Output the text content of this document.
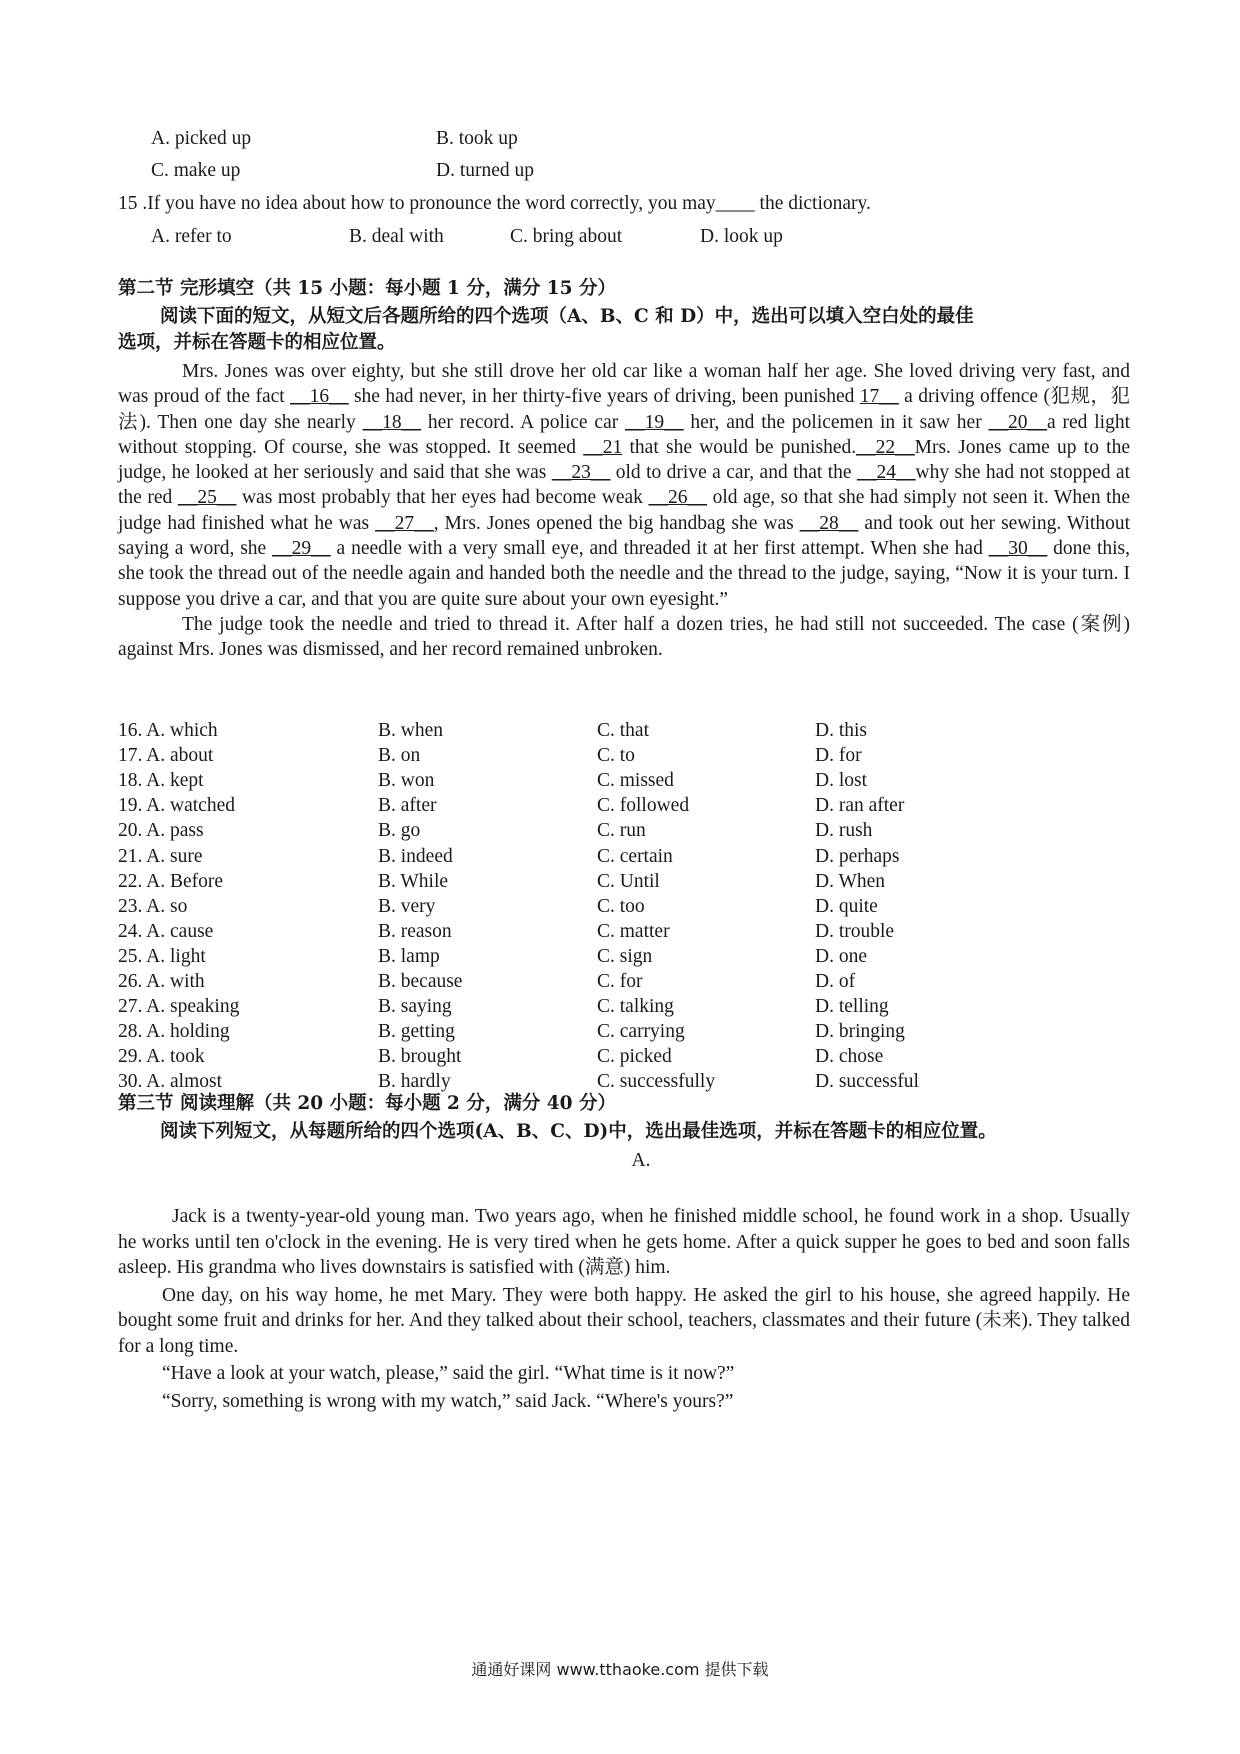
A. picked up	B. took up
C. make up	D. turned up
15 .If you have no idea about how to pronounce the word correctly, you may____ the dictionary.
A. refer to	B. deal with	C. bring about	D. look up
第二节 完形填空（共 15 小题：每小题 1 分，满分 15 分）
阅读下面的短文，从短文后各题所给的四个选项（A、B、C 和 D）中，选出可以填入空白处的最佳
选项，并标在答题卡的相应位置。

Mrs. Jones was over eighty, but she still drove her old car like a woman half her age. She loved driving very fast, and was proud of the fact __16__ she had never, in her thirty-five years of driving, been punished 17__ a driving offence (犯规，犯法). Then one day she nearly __18__ her record. A police car __19__ her, and the policemen in it saw her __20__a red light without stopping. Of course, she was stopped. It seemed __21 that she would be punished.__22__Mrs. Jones came up to the judge, he looked at her seriously and said that she was __23__ old to drive a car, and that the __24__why she had not stopped at the red __25__ was most probably that her eyes had become weak __26__ old age, so that she had simply not seen it. When the judge had finished what he was __27__, Mrs. Jones opened the big handbag she was __28__ and took out her sewing. Without saying a word, she __29__ a needle with a very small eye, and threaded it at her first attempt. When she had __30__ done this, she took the thread out of the needle again and handed both the needle and the thread to the judge, saying, “Now it is your turn. I suppose you drive a car, and that you are quite sure about your own eyesight.”

The judge took the needle and tried to thread it. After half a dozen tries, he had still not succeeded. The case (案例) against Mrs. Jones was dismissed, and her record remained unbroken.

16. A. which	B. when	C. that	D. this
17. A. about	B. on	C. to	D. for
18. A. kept	B. won	C. missed	D. lost
19. A. watched	B. after	C. followed	D. ran after
20. A. pass	B. go	C. run	D. rush
21. A. sure	B. indeed	C. certain	D. perhaps
22. A. Before	B. While	C. Until	D. When
23. A. so	B. very	C. too	D. quite
24. A. cause	B. reason	C. matter	D. trouble
25. A. light	B. lamp	C. sign	D. one
26. A. with	B. because	C. for	D. of
27. A. speaking	B. saying	C. talking	D. telling
28. A. holding	B. getting	C. carrying	D. bringing
29. A. took	B. brought	C. picked	D. chose
30. A. almost	B. hardly	C. successfully	D. successful
第三节 阅读理解（共 20 小题：每小题 2 分，满分 40 分）
阅读下列短文，从每题所给的四个选项(A、B、C、D)中，选出最佳选项，并标在答题卡的相应位置。
A.

Jack is a twenty-year-old young man. Two years ago, when he finished middle school, he found work in a shop. Usually he works until ten o'clock in the evening. He is very tired when he gets home. After a quick supper he goes to bed and soon falls asleep. His grandma who lives downstairs is satisfied with (满意) him.

One day, on his way home, he met Mary. They were both happy. He asked the girl to his house, she agreed happily. He bought some fruit and drinks for her. And they talked about their school, teachers, classmates and their future (未来). They talked for a long time.

“Have a look at your watch, please,” said the girl. “What time is it now?”

“Sorry, something is wrong with my watch,” said Jack. “Where's yours?”

通通好课网 www.tthaoke.com 提供下载
